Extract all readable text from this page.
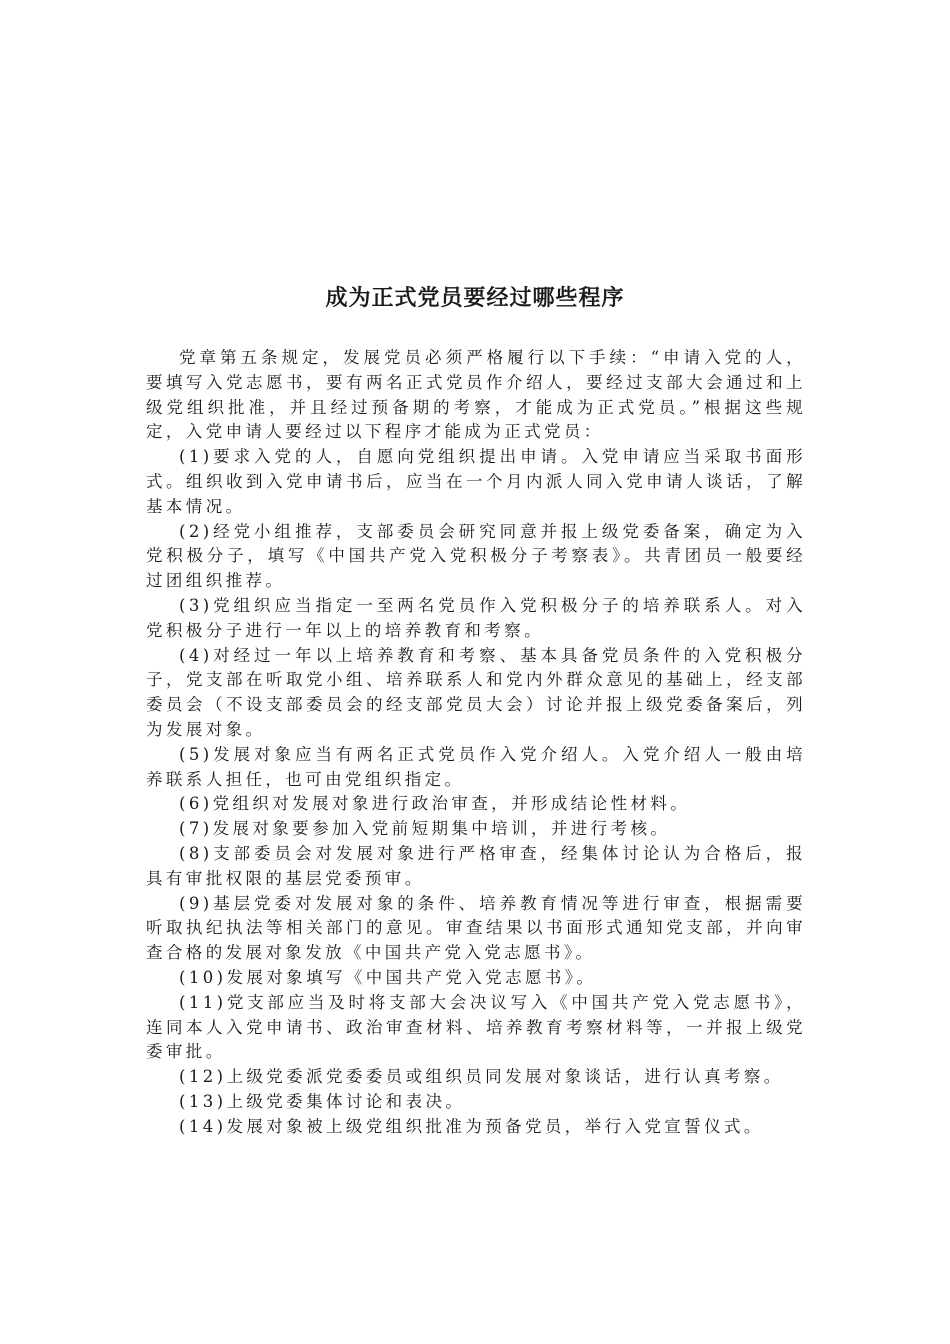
成为正式党员要经过哪些程序

党章第五条规定，发展党员必须严格履行以下手续：“申请入党的人，要填写入党志愿书，要有两名正式党员作介绍人，要经过支部大会通过和上级党组织批准，并且经过预备期的考察，才能成为正式党员。”根据这些规定，入党申请人要经过以下程序才能成为正式党员：

(1)要求入党的人，自愿向党组织提出申请。入党申请应当采取书面形式。组织收到入党申请书后，应当在一个月内派人同入党申请人谈话，了解基本情况。

(2)经党小组推荐，支部委员会研究同意并报上级党委备案，确定为入党积极分子，填写《中国共产党入党积极分子考察表》。共青团员一般要经过团组织推荐。

(3)党组织应当指定一至两名党员作入党积极分子的培养联系人。对入党积极分子进行一年以上的培养教育和考察。

(4)对经过一年以上培养教育和考察、基本具备党员条件的入党积极分子，党支部在听取党小组、培养联系人和党内外群众意见的基础上，经支部委员会（不设支部委员会的经支部党员大会）讨论并报上级党委备案后，列为发展对象。

(5)发展对象应当有两名正式党员作入党介绍人。入党介绍人一般由培养联系人担任，也可由党组织指定。

(6)党组织对发展对象进行政治审查，并形成结论性材料。

(7)发展对象要参加入党前短期集中培训，并进行考核。

(8)支部委员会对发展对象进行严格审查，经集体讨论认为合格后，报具有审批权限的基层党委预审。

(9)基层党委对发展对象的条件、培养教育情况等进行审查，根据需要听取执纪执法等相关部门的意见。审查结果以书面形式通知党支部，并向审查合格的发展对象发放《中国共产党入党志愿书》。

(10)发展对象填写《中国共产党入党志愿书》。

(11)党支部应当及时将支部大会决议写入《中国共产党入党志愿书》，连同本人入党申请书、政治审查材料、培养教育考察材料等，一并报上级党委审批。

(12)上级党委派党委委员或组织员同发展对象谈话，进行认真考察。

(13)上级党委集体讨论和表决。

(14)发展对象被上级党组织批准为预备党员，举行入党宣誓仪式。
